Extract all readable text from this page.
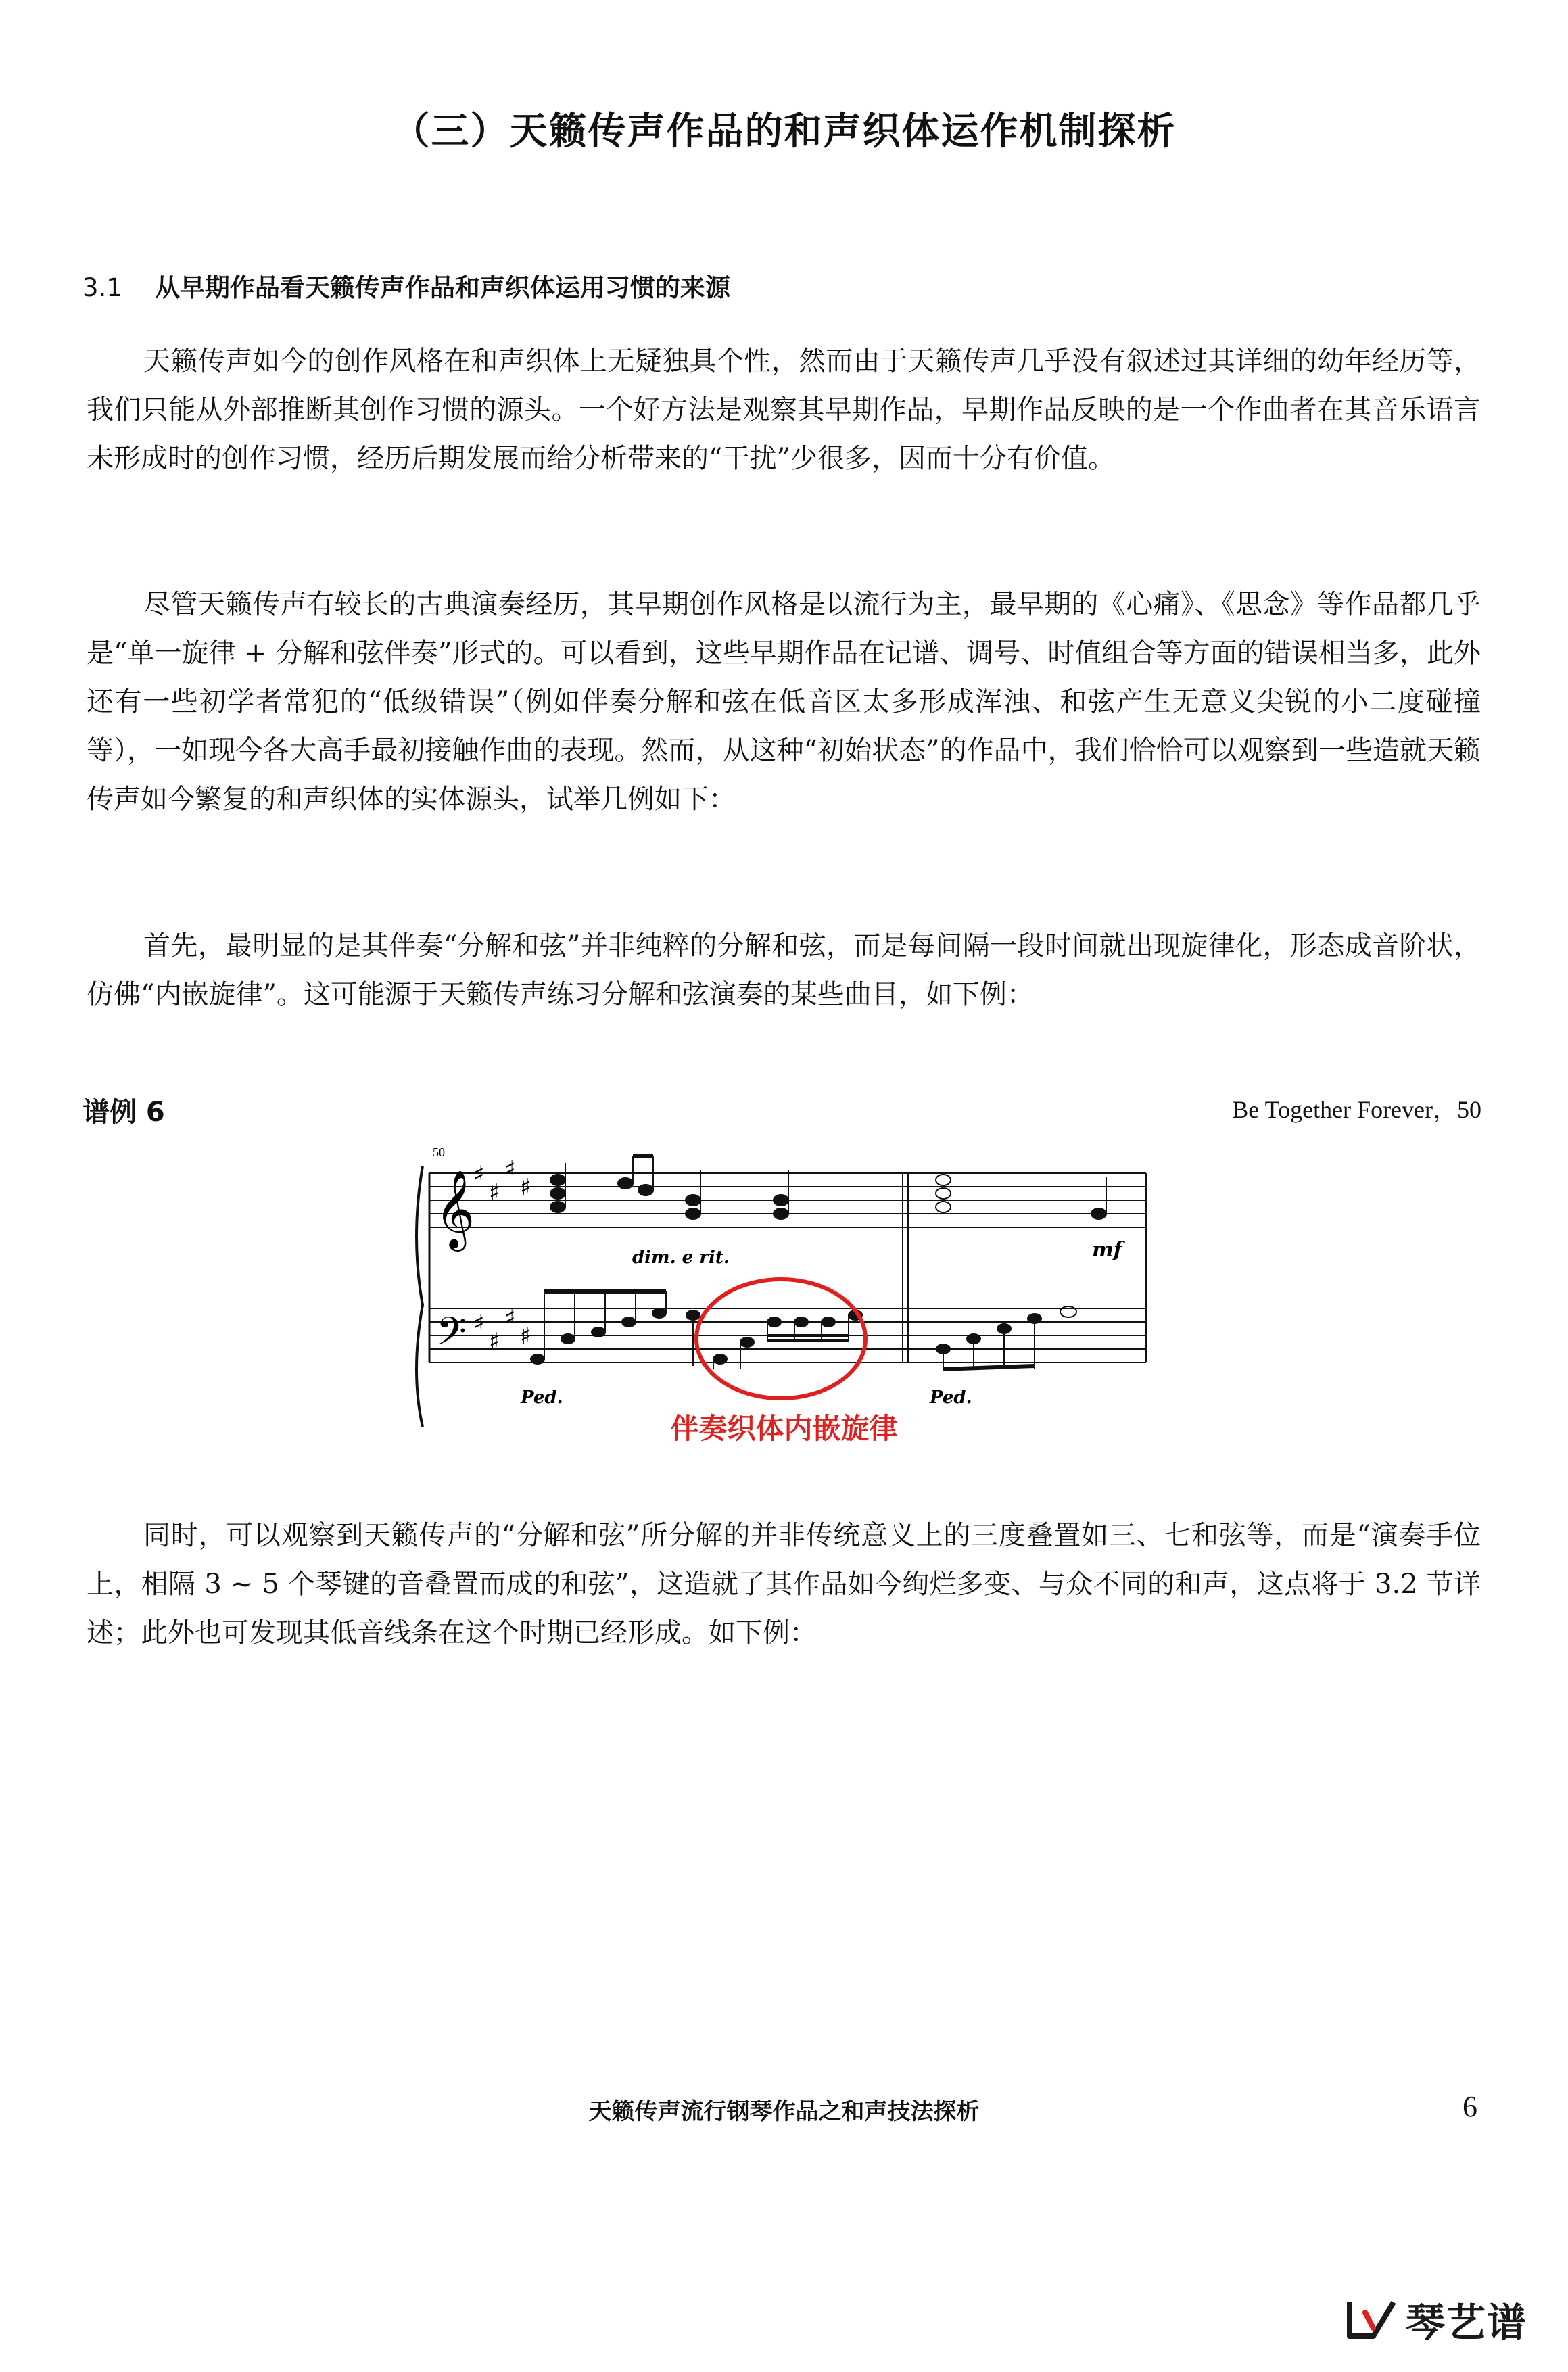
（三）天籁传声作品的和声织体运作机制探析
3.1 从早期作品看天籁传声作品和声织体运用习惯的来源

天籁传声如今的创作风格在和声织体上无疑独具个性，然而由于天籁传声几乎没有叙述过其详细的幼年经历等，我们只能从外部推断其创作习惯的源头。一个好方法是观察其早期作品，早期作品反映的是一个作曲者在其音乐语言未形成时的创作习惯，经历后期发展而给分析带来的“干扰”少很多，因而十分有价值。

尽管天籁传声有较长的古典演奏经历，其早期创作风格是以流行为主，最早期的《心痛》、《思念》等作品都几乎是“单一旋律 + 分解和弦伴奏”形式的。可以看到，这些早期作品在记谱、调号、时值组合等方面的错误相当多，此外还有一些初学者常犯的“低级错误”（例如伴奏分解和弦在低音区太多形成浑浊、和弦产生无意义尖锐的小二度碰撞等），一如现今各大高手最初接触作曲的表现。然而，从这种“初始状态”的作品中，我们恰恰可以观察到一些造就天籁传声如今繁复的和声织体的实体源头，试举几例如下：

首先，最明显的是其伴奏“分解和弦”并非纯粹的分解和弦，而是每间隔一段时间就出现旋律化，形态成音阶状，仿佛“内嵌旋律”。这可能源于天籁传声练习分解和弦演奏的某些曲目，如下例：

谱例 6	Be Together Forever，50
50
𝄞
𝄢
♯
♯
♯
♯
♯
♯
♯
♯
dim. e rit.	mf
Ped.	Ped.
伴奏织体内嵌旋律

同时，可以观察到天籁传声的“分解和弦”所分解的并非传统意义上的三度叠置如三、七和弦等，而是“演奏手位上，相隔 3 ~ 5 个琴键的音叠置而成的和弦”，这造就了其作品如今绚烂多变、与众不同的和声，这点将于 3.2 节详述；此外也可发现其低音线条在这个时期已经形成。如下例：

天籁传声流行钢琴作品之和声技法探析	6
琴艺谱
